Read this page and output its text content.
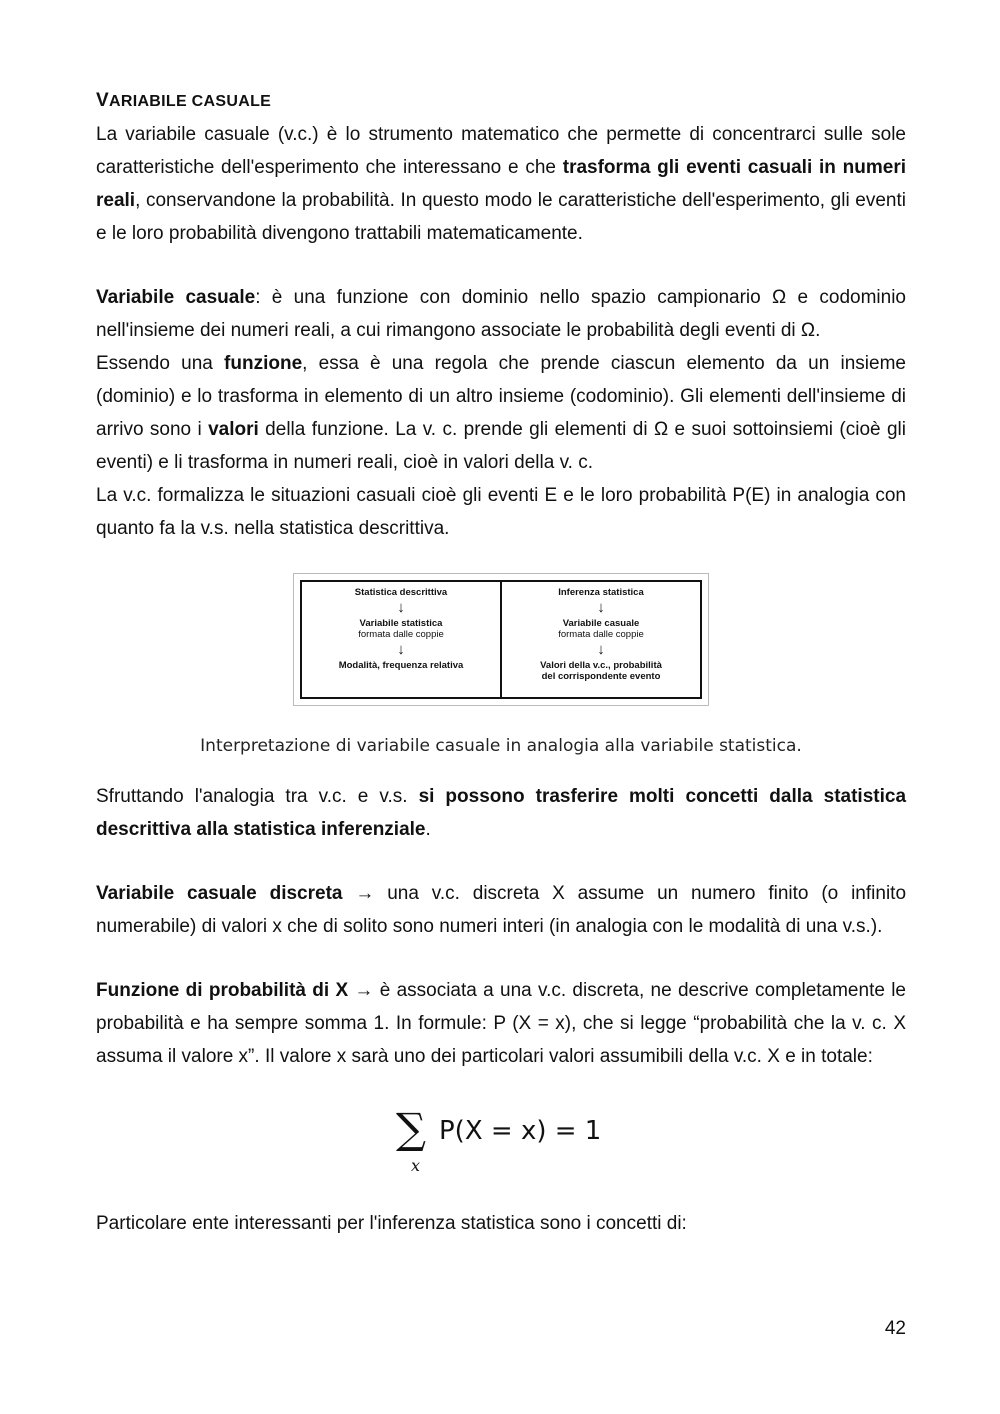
VARIABILE CASUALE

La variabile casuale (v.c.) è lo strumento matematico che permette di concentrarci sulle sole caratteristiche dell'esperimento che interessano e che trasforma gli eventi casuali in numeri reali, conservandone la probabilità. In questo modo le caratteristiche dell'esperimento, gli eventi e le loro probabilità divengono trattabili matematicamente.

Variabile casuale: è una funzione con dominio nello spazio campionario Ω e codominio nell'insieme dei numeri reali, a cui rimangono associate le probabilità degli eventi di Ω.
Essendo una funzione, essa è una regola che prende ciascun elemento da un insieme (dominio) e lo trasforma in elemento di un altro insieme (codominio). Gli elementi dell'insieme di arrivo sono i valori della funzione. La v. c. prende gli elementi di Ω e suoi sottoinsiemi (cioè gli eventi) e li trasforma in numeri reali, cioè in valori della v. c.
La v.c. formalizza le situazioni casuali cioè gli eventi E e le loro probabilità P(E) in analogia con quanto fa la v.s. nella statistica descrittiva.

Statistica descrittiva
↓
Variabile statistica
formata dalle coppie
↓
Modalità, frequenza relativa
Inferenza statistica
↓
Variabile casuale
formata dalle coppie
↓
Valori della v.c., probabilità
del corrispondente evento
Interpretazione di variabile casuale in analogia alla variabile statistica.

Sfruttando l'analogia tra v.c. e v.s. si possono trasferire molti concetti dalla statistica descrittiva alla statistica inferenziale.

Variabile casuale discreta → una v.c. discreta X assume un numero finito (o infinito numerabile) di valori x che di solito sono numeri interi (in analogia con le modalità di una v.s.).

Funzione di probabilità di X → è associata a una v.c. discreta, ne descrive completamente le probabilità e ha sempre somma 1. In formule: P (X = x), che si legge “probabilità che la v. c. X assuma il valore x”. Il valore x sarà uno dei particolari valori assumibili della v.c. X e in totale:

∑
x
P(X = x) = 1

Particolare ente interessanti per l'inferenza statistica sono i concetti di:

42
